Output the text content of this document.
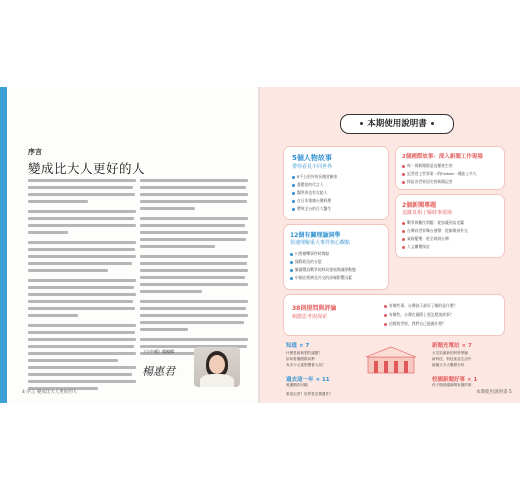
序言
變成比大人更好的人
《小牛頓》總編輯
楊惠君
4 序言 變成比大人更好的人
本期使用說明書
5個人物故事
帶你看見不同世界
8千公里外的長跑冒險家
憂鬱症的代言人
醫學界也有女超人
在日本推廣台灣料理
帶領全台的百大醫生
2個國際故事：深入新聞工作現場
每一則新聞都是這樣產生的
記者登上世界第一的Forbes一週能上多久
採訪各世界頂尖的新聞記者
2個新聞專題
追蹤真相了解時事現場
戰爭和難民問題：從加薩到烏克蘭
台灣向世界舞台發聲：從新聞到外交
氣候變遷：從全球到台灣
人文關懷探討
12個有關理論詞學
快速理解重大事件核心觀點
川普槍擊事件時間點
國際政治的分裂
解讀俄烏戰爭的時局發展與國際動態
中國在經濟及外交的深層影響因素
38則提問與評論
刺激思考與探索
有哪些事，台灣孩子最好了解的是什麼？
有哪些，台灣在國際上要怎麼說故事？
這樣的世界，我們自己能做什麼？
知道 × 7
什麼是最典型的議題？
如何看懂國際局勢
有多少元素影響著大局？
新聞充電站 × 7
太空站最新的科學實驗
新科技，科技產品生活中
繪圖文字大數據分析
過去這一年 × 11
奧運精彩回顧
校園新聞好事 × 1
孩子做校園新聞有趣的事
誰是記者？世界是怎樣運作？	本期使用說明書 5
